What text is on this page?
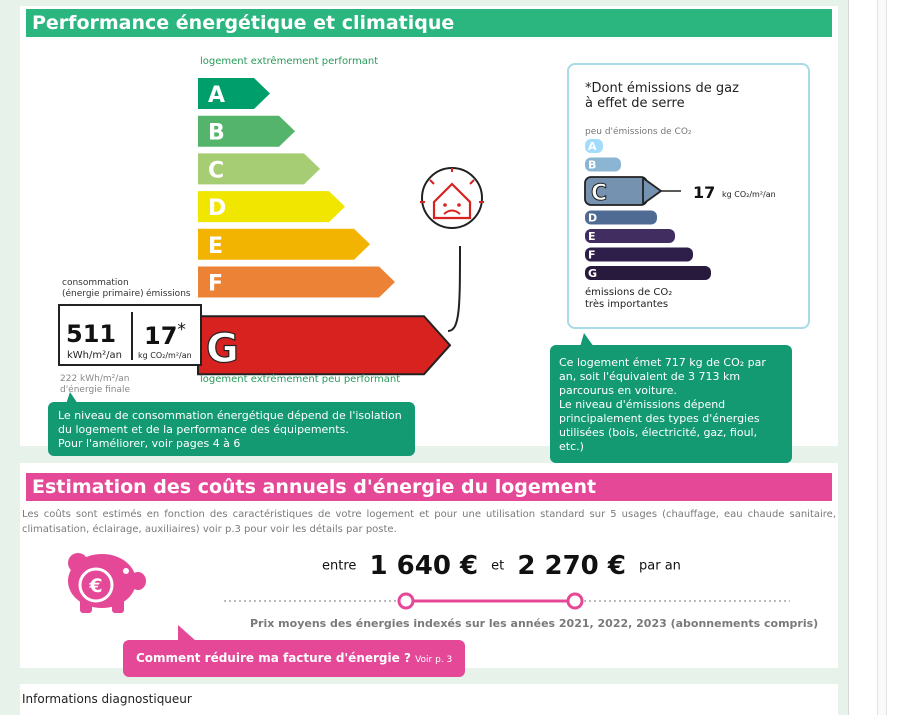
Performance énergétique et climatique
logement extrêmement performant
A
B
C
D
E
F
G
logement extrêmement peu performant
consommation
(énergie primaire) émissions
511 17*
kWh/m²/an kg CO₂/m²/an
222 kWh/m²/an
d'énergie finale
*Dont émissions de gaz
à effet de serre
peu d'émissions de CO₂
A
B
C
D
E
F
G
17 kg CO₂/m²/an
émissions de CO₂
très importantes
Le niveau de consommation énergétique dépend de l'isolation du logement et de la performance des équipements.
Pour l'améliorer, voir pages 4 à 6
Ce logement émet 717 kg de CO₂ par an, soit l'équivalent de 3 713 km parcourus en voiture.
Le niveau d'émissions dépend principalement des types d'énergies utilisées (bois, électricité, gaz, fioul, etc.)
Estimation des coûts annuels d'énergie du logement
Les coûts sont estimés en fonction des caractéristiques de votre logement et pour une utilisation standard sur 5 usages (chauffage, eau chaude sanitaire, climatisation, éclairage, auxiliaires) voir p.3 pour voir les détails par poste.
€
entre 1 640 € et 2 270 € par an
Prix moyens des énergies indexés sur les années 2021, 2022, 2023 (abonnements compris)
Comment réduire ma facture d'énergie ? Voir p. 3
Informations diagnostiqueur
